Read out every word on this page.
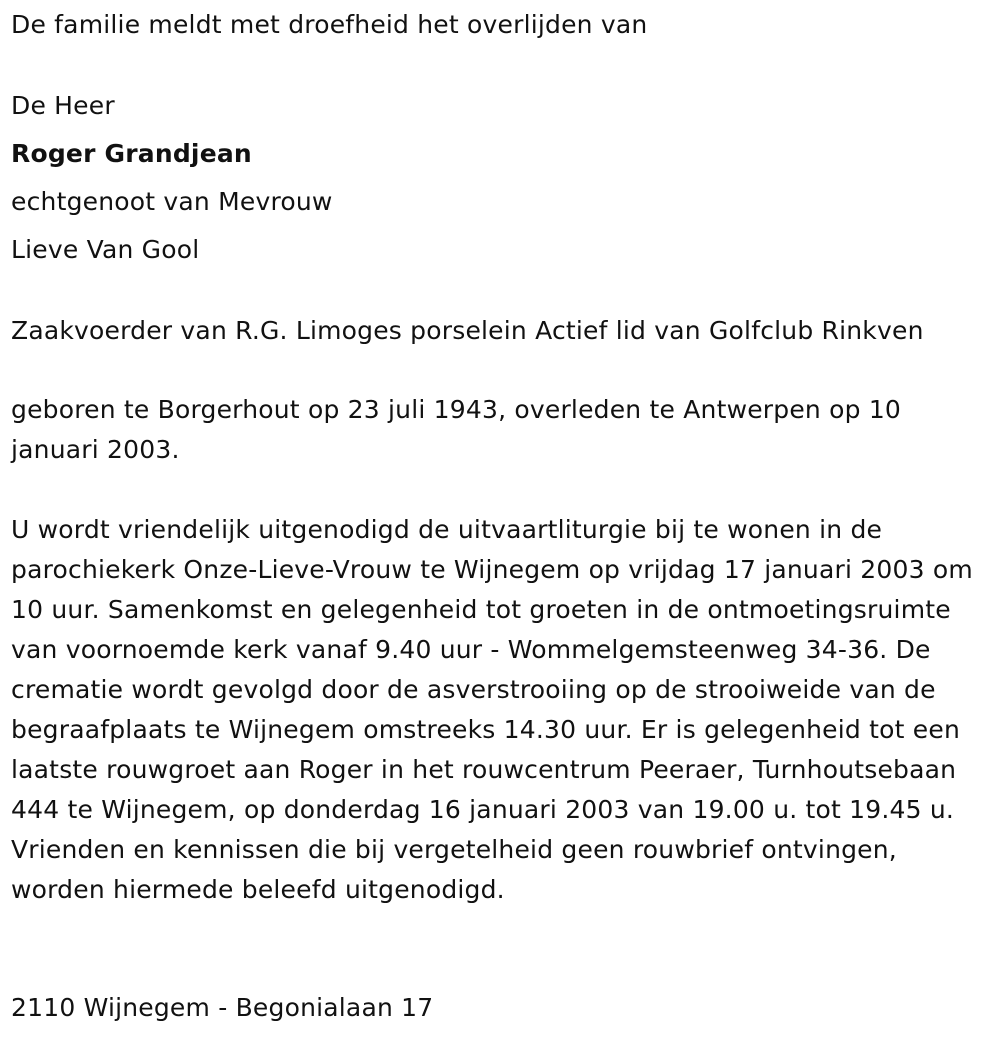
De familie meldt met droefheid het overlijden van
De Heer
Roger Grandjean
echtgenoot van Mevrouw
Lieve Van Gool
Zaakvoerder van R.G. Limoges porselein Actief lid van Golfclub Rinkven
geboren te Borgerhout op 23 juli 1943, overleden te Antwerpen op 10 januari 2003.
U wordt vriendelijk uitgenodigd de uitvaartliturgie bij te wonen in de parochiekerk Onze-Lieve-Vrouw te Wijnegem op vrijdag 17 januari 2003 om 10 uur. Samenkomst en gelegenheid tot groeten in de ontmoetingsruimte van voornoemde kerk vanaf 9.40 uur - Wommelgemsteenweg 34-36. De crematie wordt gevolgd door de asverstrooiing op de strooiweide van de begraafplaats te Wijnegem omstreeks 14.30 uur. Er is gelegenheid tot een laatste rouwgroet aan Roger in het rouwcentrum Peeraer, Turnhoutsebaan 444 te Wijnegem, op donderdag 16 januari 2003 van 19.00 u. tot 19.45 u. Vrienden en kennissen die bij vergetelheid geen rouwbrief ontvingen, worden hiermede beleefd uitgenodigd.
2110 Wijnegem - Begonialaan 17
